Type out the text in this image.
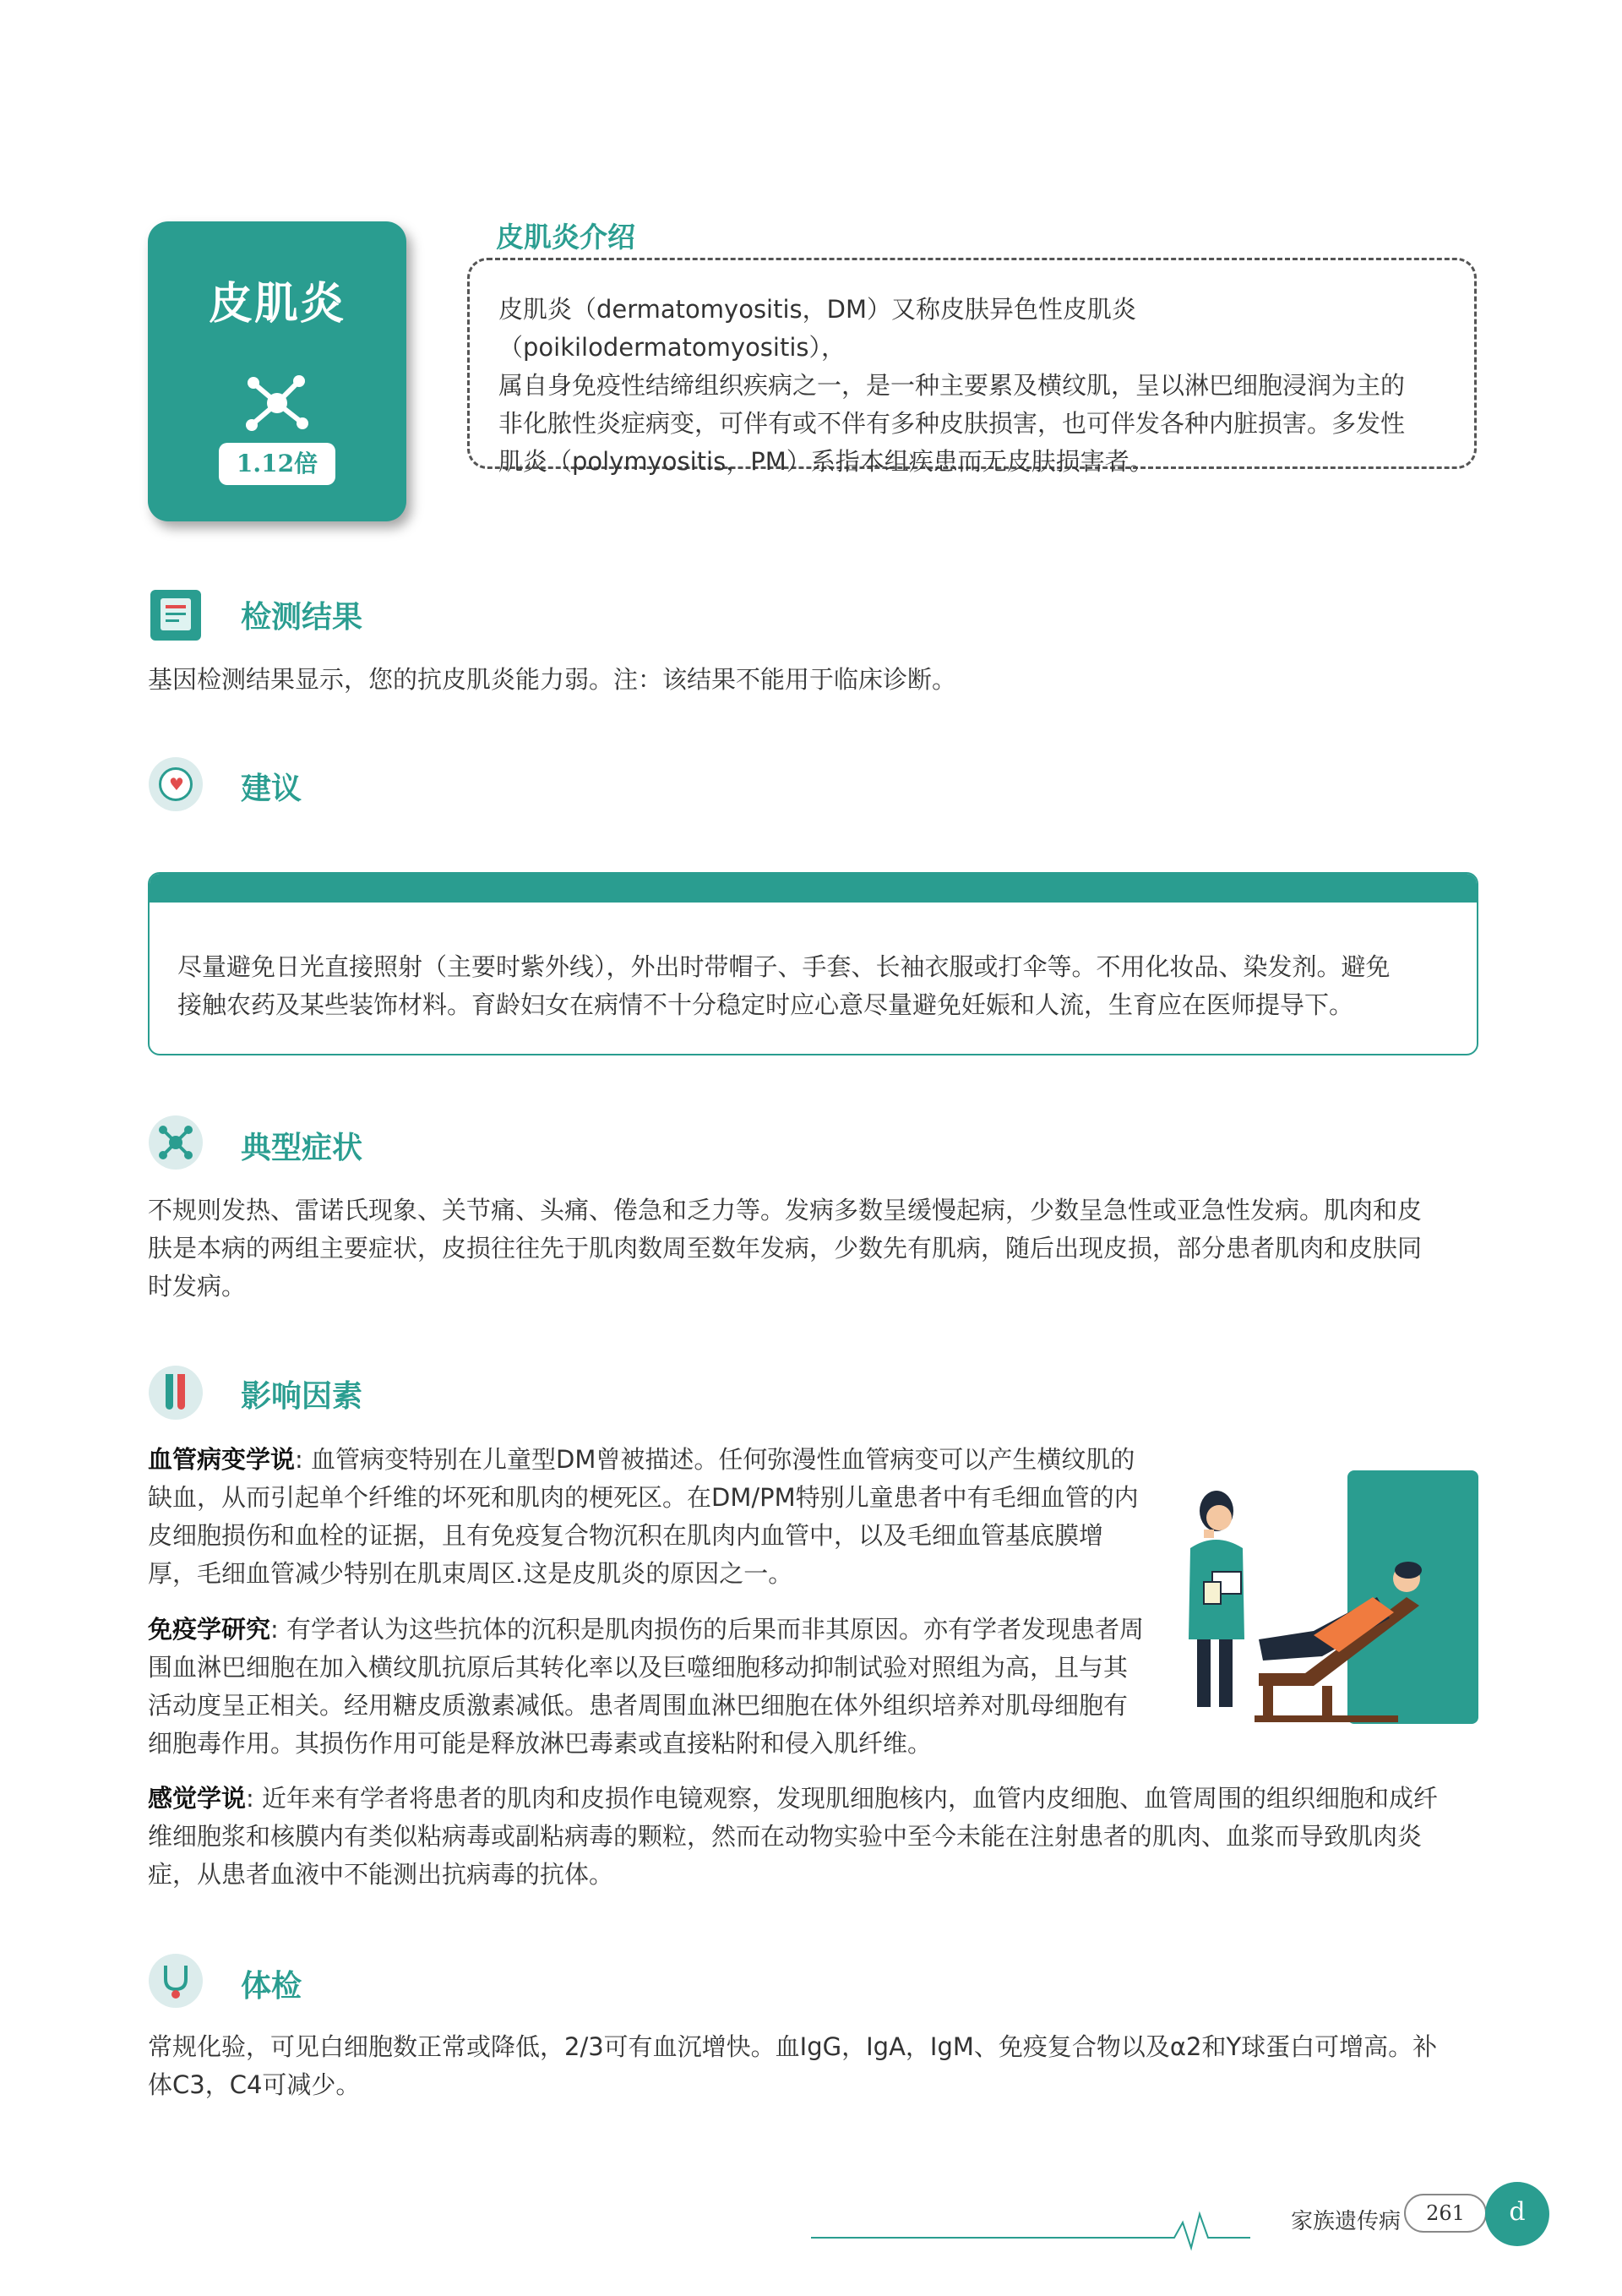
皮肌炎
1.12倍
皮肌炎介绍
皮肌炎（dermatomyositis，DM）又称皮肤异色性皮肌炎（poikilodermatomyositis），
属自身免疫性结缔组织疾病之一，是一种主要累及横纹肌，呈以淋巴细胞浸润为主的
非化脓性炎症病变，可伴有或不伴有多种皮肤损害，也可伴发各种内脏损害。多发性
肌炎（polymyositis，PM）系指本组疾患而无皮肤损害者。
检测结果
基因检测结果显示，您的抗皮肌炎能力弱。注：该结果不能用于临床诊断。
♥ 建议
尽量避免日光直接照射（主要时紫外线），外出时带帽子、手套、长袖衣服或打伞等。不用化妆品、染发剂。避免
接触农药及某些装饰材料。育龄妇女在病情不十分稳定时应心意尽量避免妊娠和人流，生育应在医师提导下。
典型症状
不规则发热、雷诺氏现象、关节痛、头痛、倦急和乏力等。发病多数呈缓慢起病，少数呈急性或亚急性发病。肌肉和皮
肤是本病的两组主要症状，皮损往往先于肌肉数周至数年发病，少数先有肌病，随后出现皮损，部分患者肌肉和皮肤同
时发病。
影响因素
血管病变学说: 血管病变特别在儿童型DM曾被描述。任何弥漫性血管病变可以产生横纹肌的
缺血，从而引起单个纤维的坏死和肌肉的梗死区。在DM/PM特别儿童患者中有毛细血管的内
皮细胞损伤和血栓的证据，且有免疫复合物沉积在肌肉内血管中，以及毛细血管基底膜增
厚，毛细血管减少特别在肌束周区.这是皮肌炎的原因之一。
免疫学研究: 有学者认为这些抗体的沉积是肌肉损伤的后果而非其原因。亦有学者发现患者周
围血淋巴细胞在加入横纹肌抗原后其转化率以及巨噬细胞移动抑制试验对照组为高，且与其
活动度呈正相关。经用糖皮质激素减低。患者周围血淋巴细胞在体外组织培养对肌母细胞有
细胞毒作用。其损伤作用可能是释放淋巴毒素或直接粘附和侵入肌纤维。
感觉学说: 近年来有学者将患者的肌肉和皮损作电镜观察，发现肌细胞核内，血管内皮细胞、血管周围的组织细胞和成纤
维细胞浆和核膜内有类似粘病毒或副粘病毒的颗粒，然而在动物实验中至今未能在注射患者的肌肉、血浆而导致肌肉炎
症，从患者血液中不能测出抗病毒的抗体。
体检
常规化验，可见白细胞数正常或降低，2/3可有血沉增快。血IgG，IgA，IgM、免疫复合物以及α2和Y球蛋白可增高。补
体C3，C4可减少。
家族遗传病	261	d
